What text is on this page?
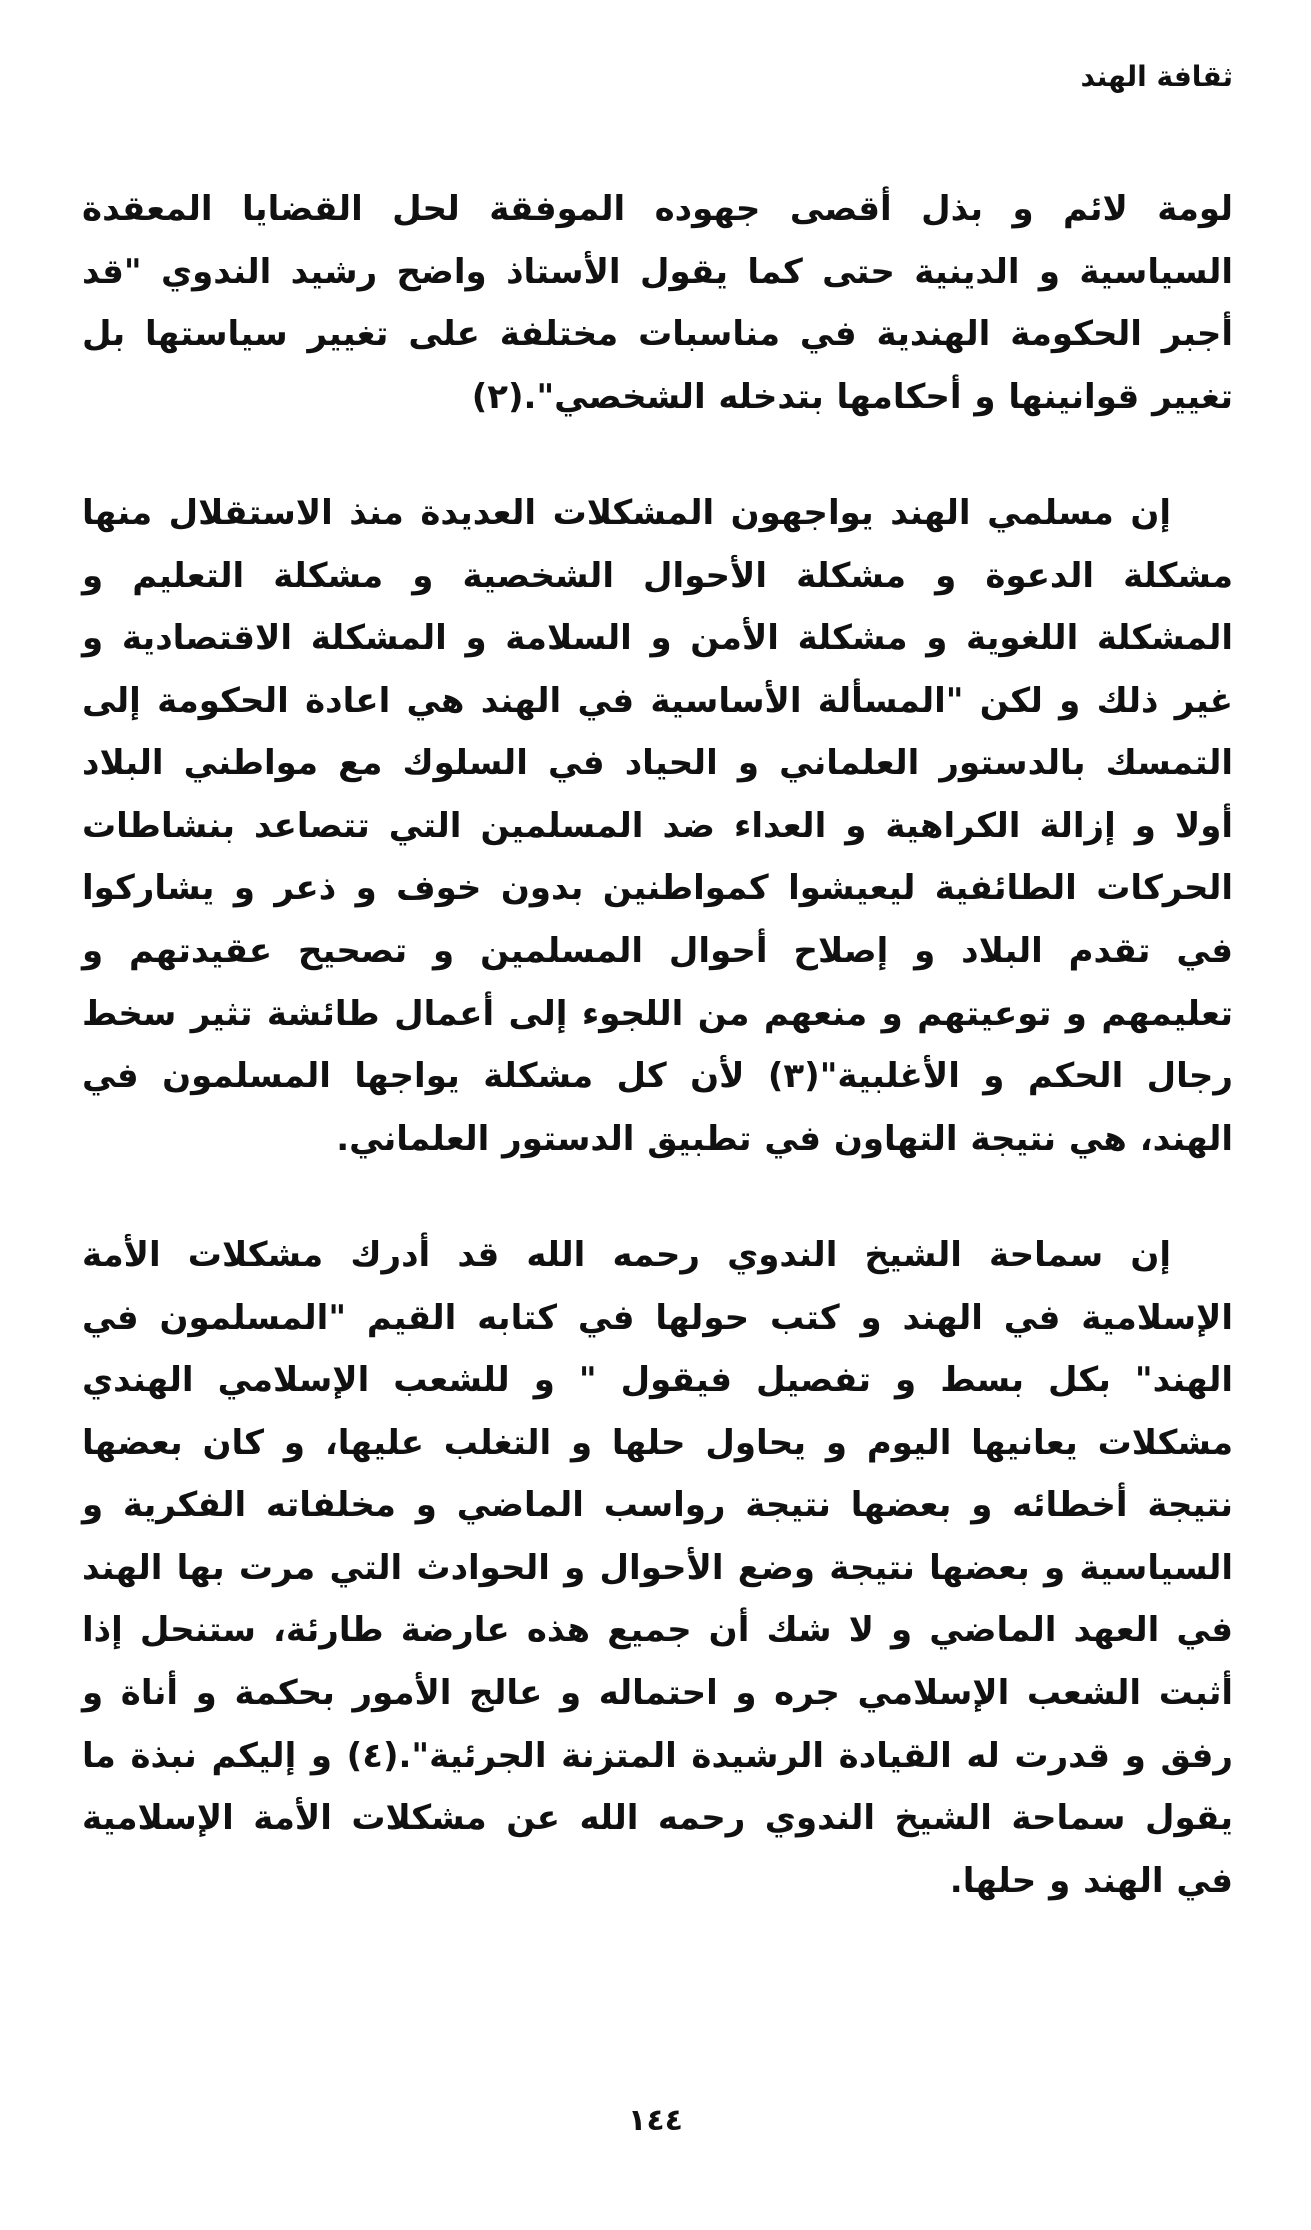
ثقافة الهند

لومة لائم و بذل أقصى جهوده الموفقة لحل القضايا المعقدة السياسية و الدينية حتى كما يقول الأستاذ واضح رشيد الندوي "قد أجبر الحكومة الهندية في مناسبات مختلفة على تغيير سياستها بل تغيير قوانينها و أحكامها بتدخله الشخصي".(٢)

إن مسلمي الهند يواجهون المشكلات العديدة منذ الاستقلال منها مشكلة الدعوة و مشكلة الأحوال الشخصية و مشكلة التعليم و المشكلة اللغوية و مشكلة الأمن و السلامة و المشكلة الاقتصادية و غير ذلك و لكن "المسألة الأساسية في الهند هي اعادة الحكومة إلى التمسك بالدستور العلماني و الحياد في السلوك مع مواطني البلاد أولا و إزالة الكراهية و العداء ضد المسلمين التي تتصاعد بنشاطات الحركات الطائفية ليعيشوا كمواطنين بدون خوف و ذعر و يشاركوا في تقدم البلاد و إصلاح أحوال المسلمين و تصحيح عقيدتهم و تعليمهم و توعيتهم و منعهم من اللجوء إلى أعمال طائشة تثير سخط رجال الحكم و الأغلبية"(٣) لأن كل مشكلة يواجها المسلمون في الهند، هي نتيجة التهاون في تطبيق الدستور العلماني.

إن سماحة الشيخ الندوي رحمه الله قد أدرك مشكلات الأمة الإسلامية في الهند و كتب حولها في كتابه القيم "المسلمون في الهند" بكل بسط و تفصيل فيقول " و للشعب الإسلامي الهندي مشكلات يعانيها اليوم و يحاول حلها و التغلب عليها، و كان بعضها نتيجة أخطائه و بعضها نتيجة رواسب الماضي و مخلفاته الفكرية و السياسية و بعضها نتيجة وضع الأحوال و الحوادث التي مرت بها الهند في العهد الماضي و لا شك أن جميع هذه عارضة طارئة، ستنحل إذا أثبت الشعب الإسلامي جره و احتماله و عالج الأمور بحكمة و أناة و رفق و قدرت له القيادة الرشيدة المتزنة الجرئية".(٤) و إليكم نبذة ما يقول سماحة الشيخ الندوي رحمه الله عن مشكلات الأمة الإسلامية في الهند و حلها.

١٤٤
